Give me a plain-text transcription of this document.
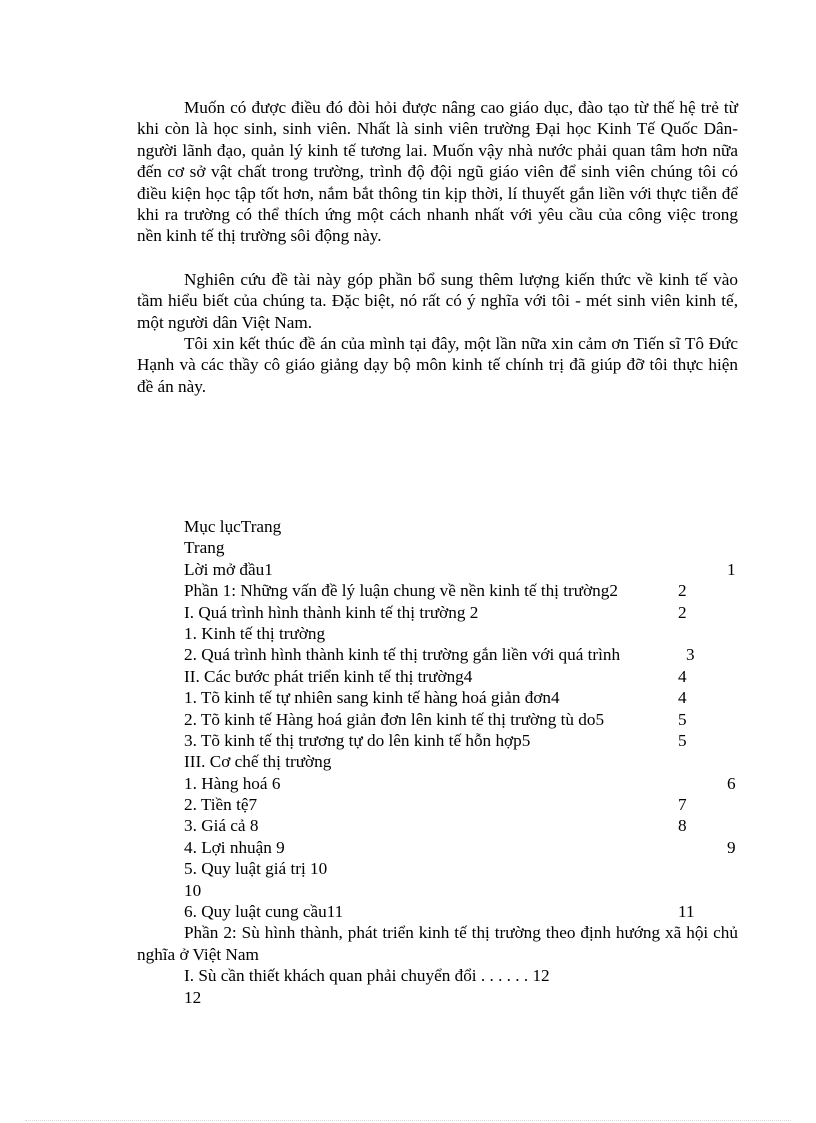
Muốn có được điều đó đòi hỏi được nâng cao giáo dục, đào tạo từ thế hệ trẻ từ khi còn là học sinh, sinh viên. Nhất là sinh viên trường Đại học Kinh Tế Quốc Dân- người lãnh đạo, quản lý kinh tế tương lai. Muốn vậy nhà nước phải quan tâm hơn nữa đến cơ sở vật chất trong trường, trình độ đội ngũ giáo viên để sinh viên chúng tôi có điều kiện học tập tốt hơn, nắm bắt thông tin kịp thời, lí thuyết gắn liền với thực tiễn để khi ra trường có thể thích ứng một cách nhanh nhất với yêu cầu của công việc trong nền kinh tế thị trường sôi động này.

Nghiên cứu đề tài này góp phần bổ sung thêm lượng kiến thức về kinh tế vào tầm hiểu biết của chúng ta. Đặc biệt, nó rất có ý nghĩa với tôi - mét sinh viên kinh tế, một người dân Việt Nam.

Tôi xin kết thúc đề án của mình tại đây, một lần nữa xin cảm ơn Tiến sĩ Tô Đức Hạnh và các thầy cô giáo giảng dạy bộ môn kinh tế chính trị đã giúp đỡ tôi thực hiện đề án này.

Mục lụcTrang
Trang
Lời mở đầu1	1
Phần 1: Những vấn đề lý luận chung về nền kinh tế thị trường2	2
I. Quá trình hình thành kinh tế thị trường 2	2
1. Kinh tế thị trường
2. Quá trình hình thành kinh tế thị trường gắn liền với quá trình	3
II. Các bước phát triển kinh tế thị trường4	4
1. Tõ kinh tế tự nhiên sang kinh tế hàng hoá giản đơn4	4
2. Tõ kinh tế Hàng hoá giản đơn lên kinh tế thị trường tù do5	5
3. Tõ kinh tế thị trương tự do lên kinh tế hỗn hợp5	5
III. Cơ chế thị trường
1. Hàng hoá 6	6
2. Tiền tệ7	7
3. Giá cả 8	8
4. Lợi nhuận 9	9
5. Quy luật giá trị 10
10
6. Quy luật cung cầu11	11
Phần 2: Sù hình thành, phát triển kinh tế thị trường theo định hướng xã hội chủ nghĩa ở Việt Nam
I. Sù cần thiết khách quan phải chuyển đổi . . . . . . 12
12
